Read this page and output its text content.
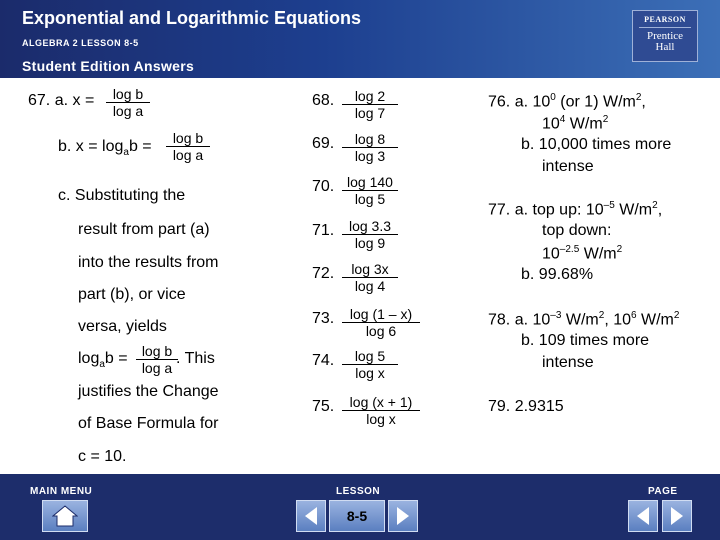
Exponential and Logarithmic Equations
ALGEBRA 2 LESSON 8-5
Student Edition Answers
PEARSON
Prentice
Hall
67. a. $x = \frac{\text{log b}}{\text{log a}}$
b. $x = \log_ab = \frac{\text{log b}}{\text{log a}}$
c. Substituting the
result from part (a)
into the results from
part (b), or vice
versa, yields
$\log_ab = \frac{\text{log b}}{\text{log a}}$
. This
justifies the Change
of Base Formula for
c = 10.
68. $\frac{\log 2}{\log 7}$
69. $\frac{\log 8}{\log 3}$
70. $\frac{\log 140}{\log 5}$
71. $\frac{\log 3.3}{\log 9}$
72. $\frac{\log 3x}{\log 4}$
73. $\frac{\log (1 - x)}{\log 6}$
74. $\frac{\log 5}{\text{log x}}$
75. $\frac{\log (x + 1)}{\text{log x}}$
76. a. $10^0$ (or 1) $W/m^2$,
$10^4$ $W/m^2$
b. 10,000 times more
intense
77. a. top up: $10^{-5}$ $W/m^2$,
top down:
$10^{-2.5}$ $W/m^2$
b. 99.68%
78. a. $10^{-3}$ $W/m^2$, $10^6$ $W/m^2$
b. 109 times more
intense
79. 2.9315
MAIN MENU	LESSON	PAGE
8-5
